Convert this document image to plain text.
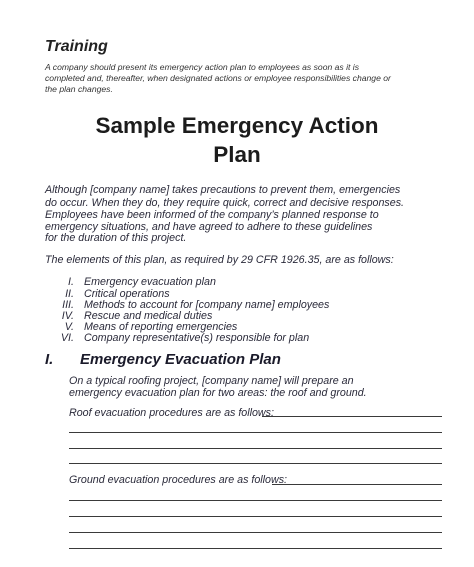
Training
A company should present its emergency action plan to employees as soon as it is
completed and, thereafter, when designated actions or employee responsibilities change or
the plan changes.
Sample Emergency Action
Plan
Although [company name] takes precautions to prevent them, emergencies
do occur. When they do, they require quick, correct and decisive responses.
Employees have been informed of the company’s planned response to
emergency situations, and have agreed to adhere to these guidelines
for the duration of this project.
The elements of this plan, as required by 29 CFR 1926.35, are as follows:
I. Emergency evacuation plan
II. Critical operations
III. Methods to account for [company name] employees
IV. Rescue and medical duties
V. Means of reporting emergencies
VI. Company representative(s) responsible for plan
I. Emergency Evacuation Plan
On a typical roofing project, [company name] will prepare an
emergency evacuation plan for two areas: the roof and ground.
Roof evacuation procedures are as follows:
Ground evacuation procedures are as follows:
